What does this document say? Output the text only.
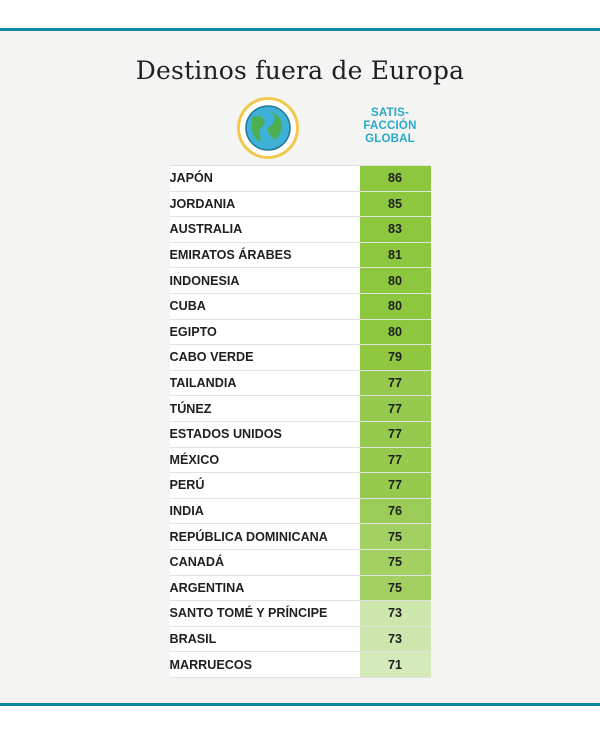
Destinos fuera de Europa
SATIS-
FACCIÓN
GLOBAL
JAPÓN	86
JORDANIA	85
AUSTRALIA	83
EMIRATOS ÁRABES	81
INDONESIA	80
CUBA	80
EGIPTO	80
CABO VERDE	79
TAILANDIA	77
TÚNEZ	77
ESTADOS UNIDOS	77
MÉXICO	77
PERÚ	77
INDIA	76
REPÚBLICA DOMINICANA	75
CANADÁ	75
ARGENTINA	75
SANTO TOMÉ Y PRÍNCIPE	73
BRASIL	73
MARRUECOS	71
